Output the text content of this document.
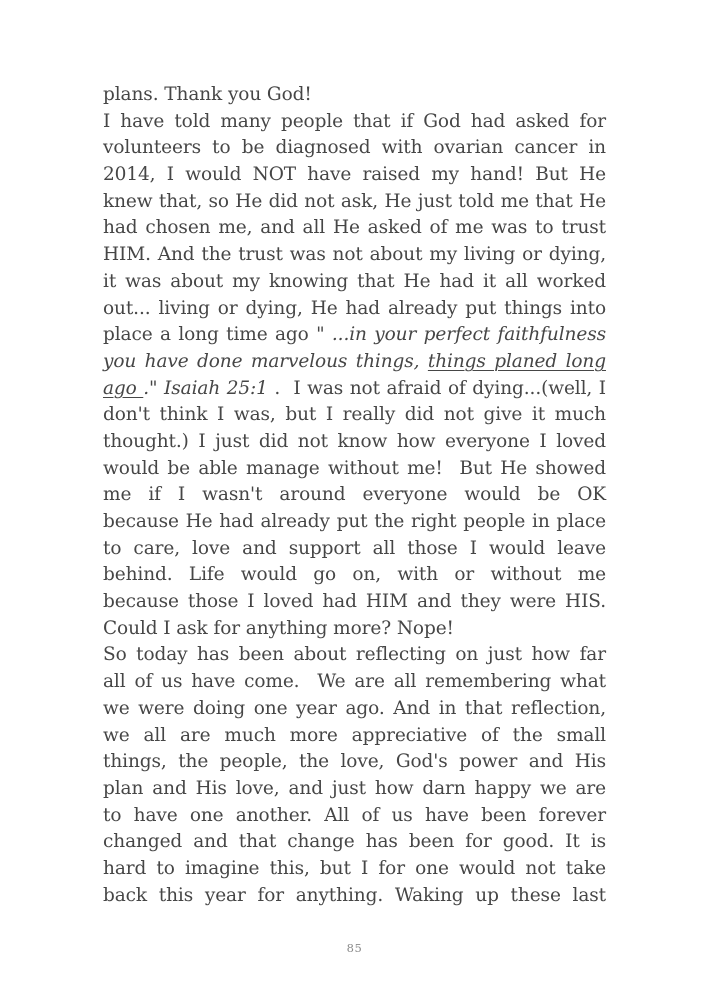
plans. Thank you God!
I have told many people that if God had asked for
volunteers to be diagnosed with ovarian cancer in
2014, I would NOT have raised my hand! But He
knew that, so He did not ask, He just told me that He
had chosen me, and all He asked of me was to trust
HIM. And the trust was not about my living or dying,
it was about my knowing that He had it all worked
out... living or dying, He had already put things into
place a long time ago " ...in your perfect faithfulness
you have done marvelous things, things planed long
ago ." Isaiah 25:1 .  I was not afraid of dying...(well, I
don't think I was, but I really did not give it much
thought.) I just did not know how everyone I loved
would be able manage without me!  But He showed
me if I wasn't around everyone would be OK
because He had already put the right people in place
to care, love and support all those I would leave
behind. Life would go on, with or without me
because those I loved had HIM and they were HIS.
Could I ask for anything more? Nope!
So today has been about reflecting on just how far
all of us have come.  We are all remembering what
we were doing one year ago. And in that reflection,
we all are much more appreciative of the small
things, the people, the love, God's power and His
plan and His love, and just how darn happy we are
to have one another. All of us have been forever
changed and that change has been for good. It is
hard to imagine this, but I for one would not take
back this year for anything. Waking up these last
85
